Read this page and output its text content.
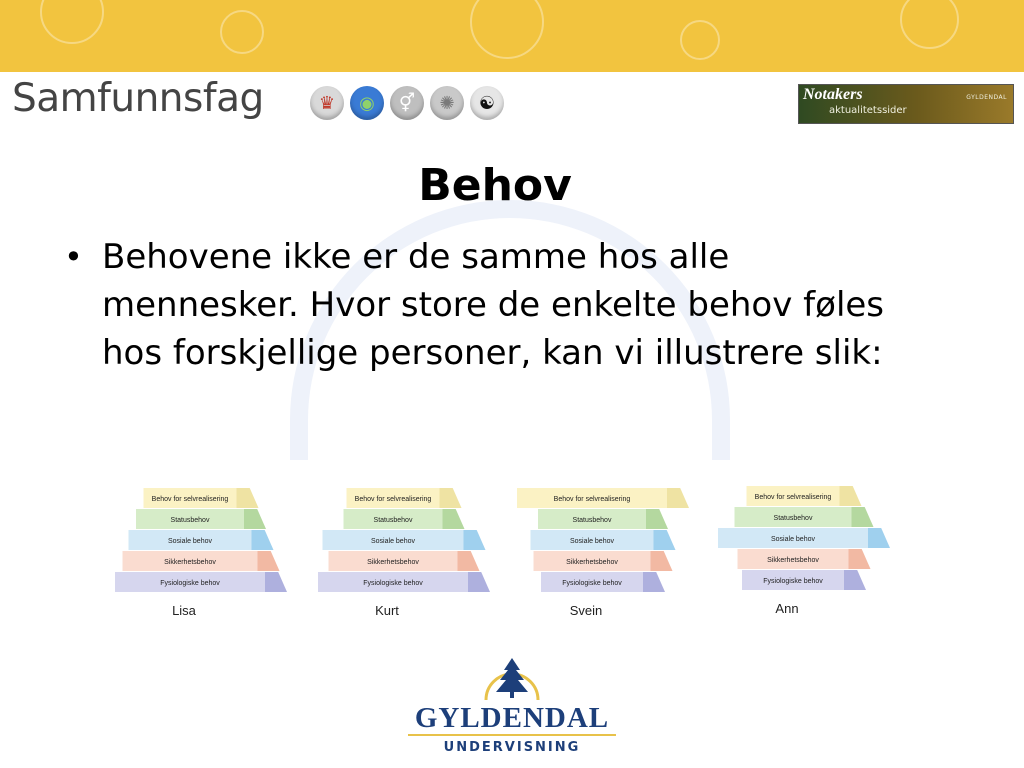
Samfunnsfag	♛	◉	⚥	✺	☯	Notakers
aktualitetssider
GYLDENDAL
Behov
• Behovene ikke er de samme hos alle mennesker. Hvor store de enkelte behov føles hos forskjellige personer, kan vi illustrere slik:
Behov for selvrealisering
Statusbehov
Sosiale behov
Sikkerhetsbehov
Fysiologiske behov
Lisa
Behov for selvrealisering
Statusbehov
Sosiale behov
Sikkerhetsbehov
Fysiologiske behov
Kurt
Behov for selvrealisering
Statusbehov
Sosiale behov
Sikkerhetsbehov
Fysiologiske behov
Svein
Behov for selvrealisering
Statusbehov
Sosiale behov
Sikkerhetsbehov
Fysiologiske behov
Ann
GYLDENDAL
UNDERVISNING
